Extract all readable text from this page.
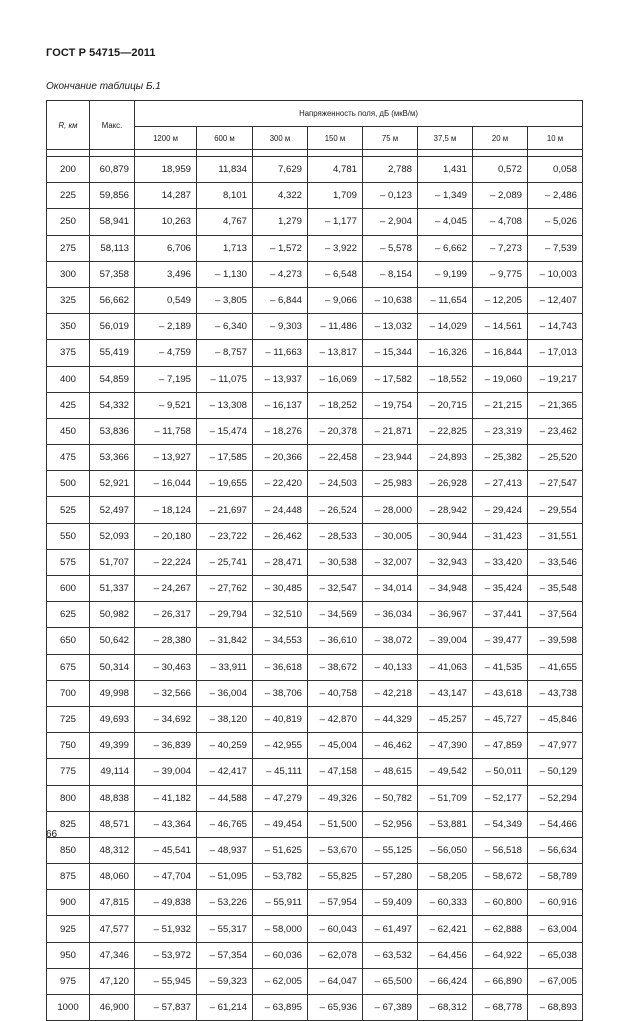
ГОСТ Р 54715—2011
Окончание таблицы Б.1
R, км	Макс.	Напряженность поля, дБ (мкВ/м)							
		1200 м	600 м	300 м	150 м	75 м	37,5 м	20 м	10 м

200	60,879	18,959	11,834	7,629	4,781	2,788	1,431	0,572	0,058
225	59,856	14,287	8,101	4,322	1,709	– 0,123	– 1,349	– 2,089	– 2,486
250	58,941	10,263	4,767	1,279	– 1,177	– 2,904	– 4,045	– 4,708	– 5,026
275	58,113	6,706	1,713	– 1,572	– 3,922	– 5,578	– 6,662	– 7,273	– 7,539
300	57,358	3,496	– 1,130	– 4,273	– 6,548	– 8,154	– 9,199	– 9,775	– 10,003
325	56,662	0,549	– 3,805	– 6,844	– 9,066	– 10,638	– 11,654	– 12,205	– 12,407
350	56,019	– 2,189	– 6,340	– 9,303	– 11,486	– 13,032	– 14,029	– 14,561	– 14,743
375	55,419	– 4,759	– 8,757	– 11,663	– 13,817	– 15,344	– 16,326	– 16,844	– 17,013
400	54,859	– 7,195	– 11,075	– 13,937	– 16,069	– 17,582	– 18,552	– 19,060	– 19,217
425	54,332	– 9,521	– 13,308	– 16,137	– 18,252	– 19,754	– 20,715	– 21,215	– 21,365
450	53,836	– 11,758	– 15,474	– 18,276	– 20,378	– 21,871	– 22,825	– 23,319	– 23,462
475	53,366	– 13,927	– 17,585	– 20,366	– 22,458	– 23,944	– 24,893	– 25,382	– 25,520
500	52,921	– 16,044	– 19,655	– 22,420	– 24,503	– 25,983	– 26,928	– 27,413	– 27,547
525	52,497	– 18,124	– 21,697	– 24,448	– 26,524	– 28,000	– 28,942	– 29,424	– 29,554
550	52,093	– 20,180	– 23,722	– 26,462	– 28,533	– 30,005	– 30,944	– 31,423	– 31,551
575	51,707	– 22,224	– 25,741	– 28,471	– 30,538	– 32,007	– 32,943	– 33,420	– 33,546
600	51,337	– 24,267	– 27,762	– 30,485	– 32,547	– 34,014	– 34,948	– 35,424	– 35,548
625	50,982	– 26,317	– 29,794	– 32,510	– 34,569	– 36,034	– 36,967	– 37,441	– 37,564
650	50,642	– 28,380	– 31,842	– 34,553	– 36,610	– 38,072	– 39,004	– 39,477	– 39,598
675	50,314	– 30,463	– 33,911	– 36,618	– 38,672	– 40,133	– 41,063	– 41,535	– 41,655
700	49,998	– 32,566	– 36,004	– 38,706	– 40,758	– 42,218	– 43,147	– 43,618	– 43,738
725	49,693	– 34,692	– 38,120	– 40,819	– 42,870	– 44,329	– 45,257	– 45,727	– 45,846
750	49,399	– 36,839	– 40,259	– 42,955	– 45,004	– 46,462	– 47,390	– 47,859	– 47,977
775	49,114	– 39,004	– 42,417	– 45,111	– 47,158	– 48,615	– 49,542	– 50,011	– 50,129
800	48,838	– 41,182	– 44,588	– 47,279	– 49,326	– 50,782	– 51,709	– 52,177	– 52,294
825	48,571	– 43,364	– 46,765	– 49,454	– 51,500	– 52,956	– 53,881	– 54,349	– 54,466
850	48,312	– 45,541	– 48,937	– 51,625	– 53,670	– 55,125	– 56,050	– 56,518	– 56,634
875	48,060	– 47,704	– 51,095	– 53,782	– 55,825	– 57,280	– 58,205	– 58,672	– 58,789
900	47,815	– 49,838	– 53,226	– 55,911	– 57,954	– 59,409	– 60,333	– 60,800	– 60,916
925	47,577	– 51,932	– 55,317	– 58,000	– 60,043	– 61,497	– 62,421	– 62,888	– 63,004
950	47,346	– 53,972	– 57,354	– 60,036	– 62,078	– 63,532	– 64,456	– 64,922	– 65,038
975	47,120	– 55,945	– 59,323	– 62,005	– 64,047	– 65,500	– 66,424	– 66,890	– 67,005
1000	46,900	– 57,837	– 61,214	– 63,895	– 65,936	– 67,389	– 68,312	– 68,778	– 68,893
66
